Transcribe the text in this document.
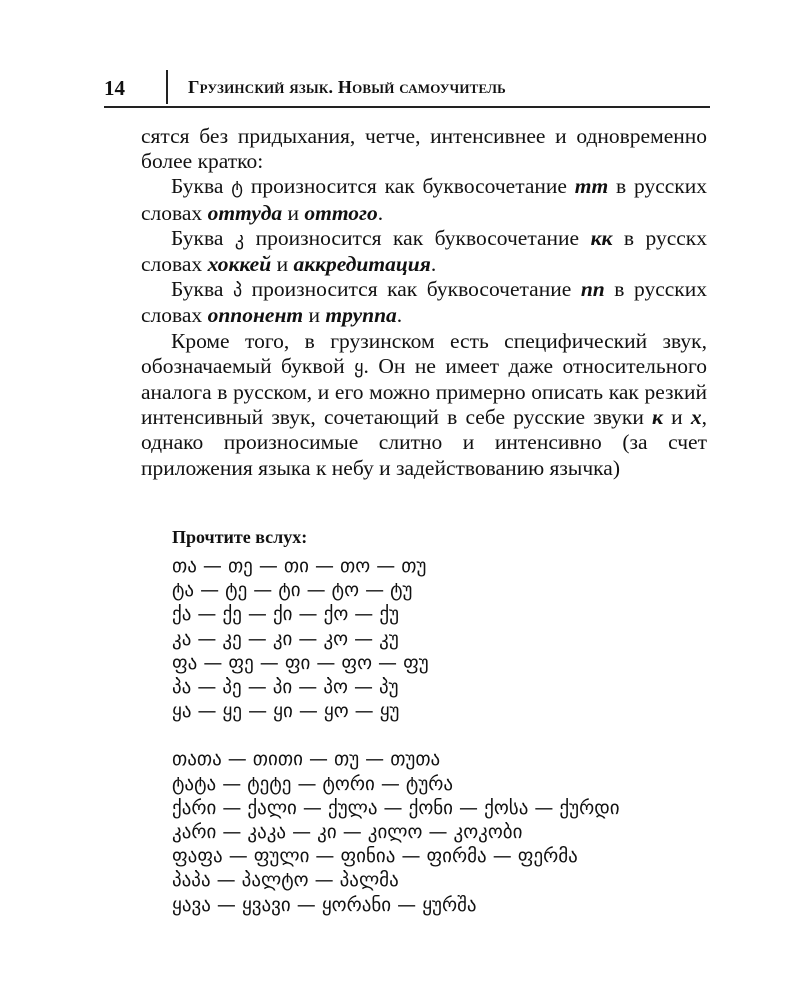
14	Грузинский язык. Новый самоучитель

сятся без придыхания, четче, интенсивнее и одновременно более кратко:

Буква ტ произносится как буквосочетание тт в русских словах оттуда и оттого.

Буква კ произносится как буквосочетание кк в русскх словах хоккей и аккредитация.

Буква პ произносится как буквосочетание пп в русских словах оппонент и труппа.

Кроме того, в грузинском есть специфический звук, обозначаемый буквой ყ. Он не имеет даже относительного аналога в русском, и его можно примерно описать как резкий интенсивный звук, сочетающий в себе русские звуки к и х, однако произносимые слитно и интенсивно (за счет приложения языка к небу и задействованию язычка)

Прочтите вслух:
თა — თე — თი — თო — თუ
ტა — ტე — ტი — ტო — ტუ
ქა — ქე — ქი — ქო — ქუ
კა — კე — კი — კო — კუ
ფა — ფე — ფი — ფო — ფუ
პა — პე — პი — პო — პუ
ყა — ყე — ყი — ყო — ყუ
თათა — თითი — თუ — თუთა
ტატა — ტეტე — ტორი — ტურა
ქარი — ქალი — ქულა — ქონი — ქოსა — ქურდი
კარი — კაკა — კი — კილო — კოკობი
ფაფა — ფული — ფინია — ფირმა — ფერმა
პაპა — პალტო — პალმა
ყავა — ყვავი — ყორანი — ყურშა
